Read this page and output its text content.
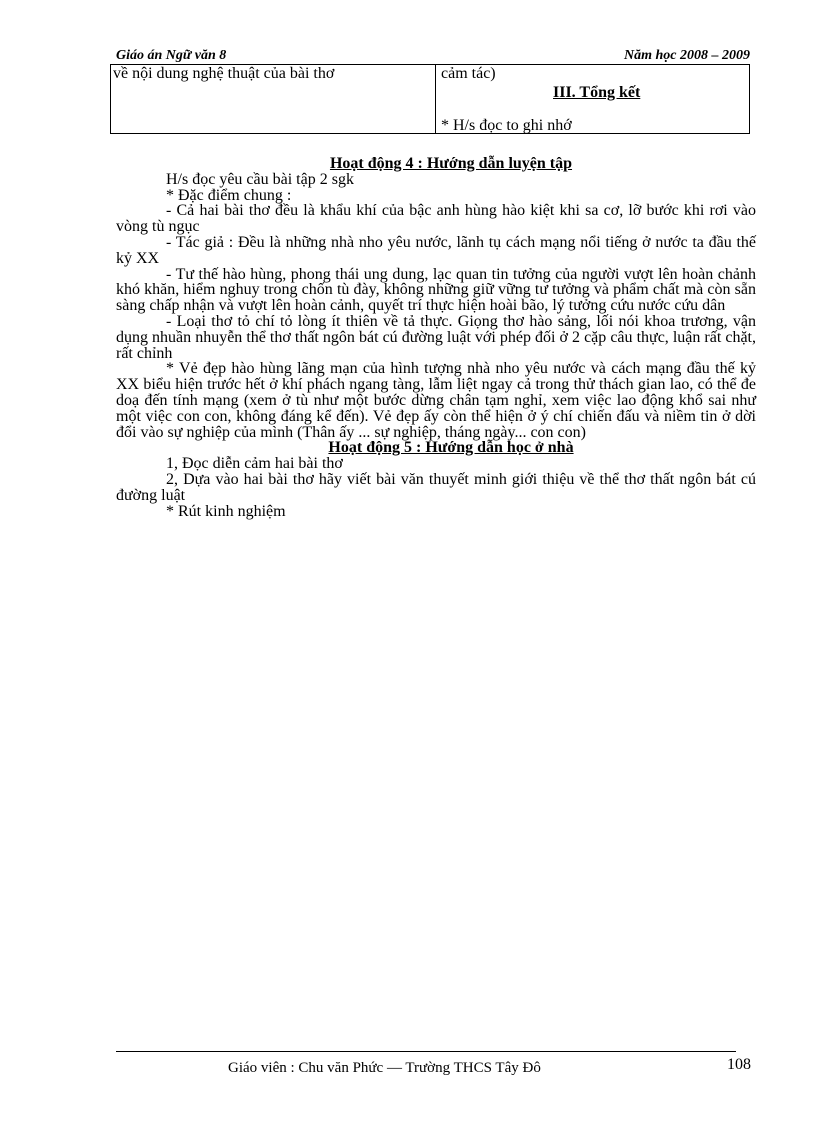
Giáo án Ngữ văn 8	Năm học 2008 – 2009
về nội dung nghệ thuật của bài thơ	cảm tác)
III. Tổng kết
* H/s đọc to ghi nhớ

Hoạt động 4 : Hướng dẫn luyện tập

H/s đọc yêu cầu bài tập 2 sgk

* Đặc điểm chung :

- Cả hai bài thơ đều là khẩu khí của bậc anh hùng hào kiệt khi sa cơ, lỡ bước khi rơi vào vòng tù ngục

- Tác giả : Đều là những nhà nho yêu nước, lãnh tụ cách mạng nổi tiếng ở nước ta đầu thế kỷ XX

- Tư thế hào hùng, phong thái ung dung, lạc quan tin tưởng của người vượt lên hoàn chảnh khó khăn, hiểm nghuy trong chốn tù đày, không những giữ vững tư tưởng và phẩm chất mà còn sẵn sàng chấp nhận và vượt lên hoàn cảnh, quyết trí thực hiện hoài bão, lý tưởng cứu nước cứu dân

- Loại thơ tỏ chí tỏ lòng ít thiên về tả thực. Giọng thơ hào sảng, lối nói khoa trương, vận dụng nhuần nhuyễn thể thơ thất ngôn bát cú đường luật với phép đối ở 2 cặp câu thực, luận rất chặt, rất chỉnh

* Vẻ đẹp hào hùng lãng mạn của hình tượng nhà nho yêu nước và cách mạng đầu thế kỷ XX biểu hiện trước hết ở khí phách ngang tàng, lẫm liệt ngay cả trong thử thách gian lao, có thể đe doạ đến tính mạng (xem ở tù như một bước dừng chân tạm nghỉ, xem việc lao động khổ sai như một việc con con, không đáng kể đến). Vẻ đẹp ấy còn thể hiện ở ý chí chiến đấu và niềm tin ở dời đổi vào sự nghiệp của mình (Thân ấy ... sự nghiệp, tháng ngày... con con)

Hoạt động 5 : Hướng dẫn học ở nhà

1, Đọc diễn cảm hai bài thơ

2, Dựa vào hai bài thơ hãy viết bài văn thuyết minh giới thiệu về thể thơ thất ngôn bát cú đường luật

* Rút kinh nghiệm

Giáo viên : Chu văn Phức — Trường THCS Tây Đô	108
